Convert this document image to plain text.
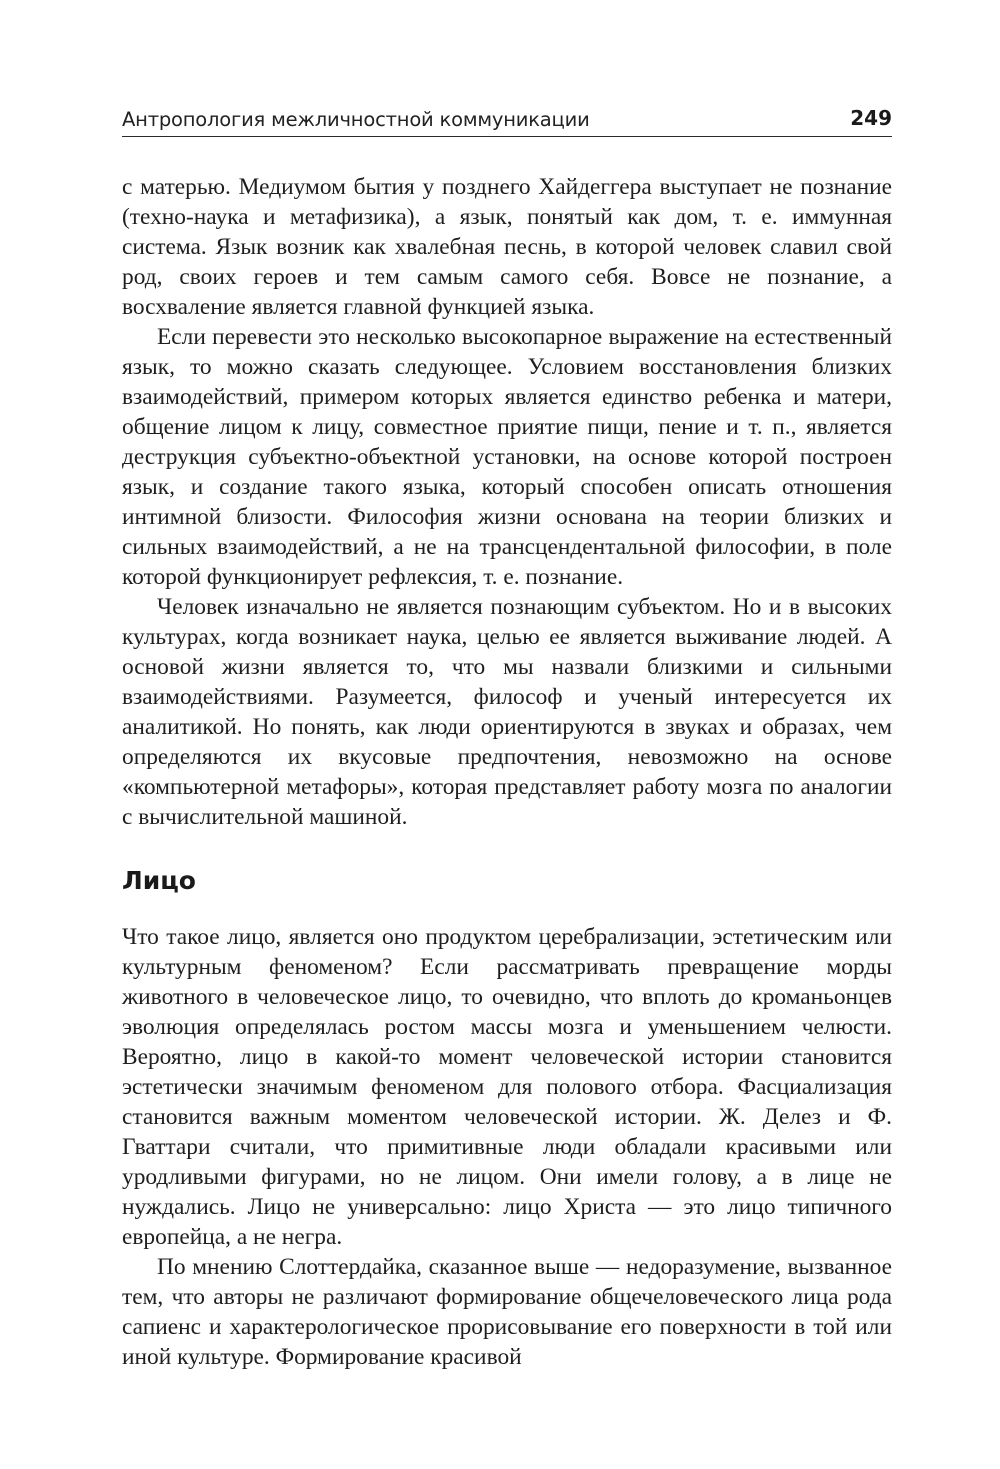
Антропология межличностной коммуникации	249

с матерью. Медиумом бытия у позднего Хайдеггера выступает не познание (техно-наука и метафизика), а язык, понятый как дом, т. е. иммунная система. Язык возник как хвалебная песнь, в которой человек славил свой род, своих героев и тем самым самого себя. Вовсе не познание, а восхваление является главной функцией языка.

Если перевести это несколько высокопарное выражение на естественный язык, то можно сказать следующее. Условием восстановления близких взаимодействий, примером которых является единство ребенка и матери, общение лицом к лицу, совместное приятие пищи, пение и т. п., является деструкция субъектно-объектной установки, на основе которой построен язык, и создание такого языка, который способен описать отношения интимной близости. Философия жизни основана на теории близких и сильных взаимодействий, а не на трансцендентальной философии, в поле которой функционирует рефлексия, т. е. познание.

Человек изначально не является познающим субъектом. Но и в высоких культурах, когда возникает наука, целью ее является выживание людей. А основой жизни является то, что мы назвали близкими и сильными взаимодействиями. Разумеется, философ и ученый интересуется их аналитикой. Но понять, как люди ориентируются в звуках и образах, чем определяются их вкусовые предпочтения, невозможно на основе «компьютерной метафоры», которая представляет работу мозга по аналогии с вычислительной машиной.

Лицо

Что такое лицо, является оно продуктом церебрализации, эстетическим или культурным феноменом? Если рассматривать превращение морды животного в человеческое лицо, то очевидно, что вплоть до кроманьонцев эволюция определялась ростом массы мозга и уменьшением челюсти. Вероятно, лицо в какой-то момент человеческой истории становится эстетически значимым феноменом для полового отбора. Фасциализация становится важным моментом человеческой истории. Ж. Делез и Ф. Гваттари считали, что примитивные люди обладали красивыми или уродливыми фигурами, но не лицом. Они имели голову, а в лице не нуждались. Лицо не универсально: лицо Христа — это лицо типичного европейца, а не негра.

По мнению Слоттердайка, сказанное выше — недоразумение, вызванное тем, что авторы не различают формирование общечеловеческого лица рода сапиенс и характерологическое прорисовывание его поверхности в той или иной культуре. Формирование красивой
